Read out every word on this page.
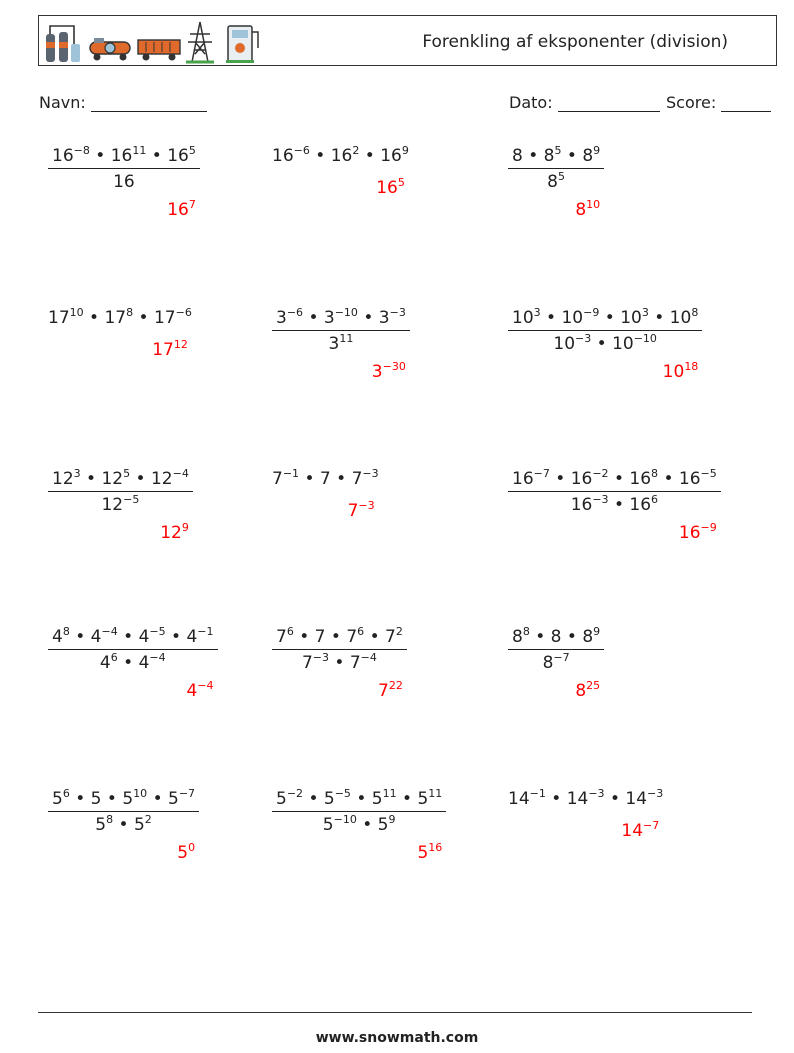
Forenkling af eksponenter (division)
Navn:	Dato:	Score:
$\frac{16^{-8} • 16^{11} • 16^5}{16}$
$16^7$
$16^{-6}$ • $16^2$ • $16^9$
$16^5$	$\frac{8 • 8^5 • 8^9}{8^5}$
$8^{10}$
$17^{10}$ • $17^8$ • $17^{-6}$
$17^{12}$	$\frac{3^{-6} • 3^{-10} • 3^{-3}}{3^{11}}$
$3^{-30}$
$\frac{10^3 • 10^{-9} • 10^3 • 10^8}{10^{-3} • 10^{-10}}$
$10^{18}$
$\frac{12^3 • 12^5 • 12^{-4}}{12^{-5}}$
$12^9$
$7^{-1}$ • 7 • $7^{-3}$
$7^{-3}$	$\frac{16^{-7} • 16^{-2} • 16^8 • 16^{-5}}{16^{-3} • 16^6}$
$16^{-9}$
$\frac{4^8 • 4^{-4} • 4^{-5} • 4^{-1}}{4^6 • 4^{-4}}$
$4^{-4}$
$\frac{7^6 • 7 • 7^6 • 7^2}{7^{-3} • 7^{-4}}$
$7^{22}$
$\frac{8^8 • 8 • 8^9}{8^{-7}}$
$8^{25}$
$\frac{5^6 • 5 • 5^{10} • 5^{-7}}{5^8 • 5^2}$
$5^0$
$\frac{5^{-2} • 5^{-5} • 5^{11} • 5^{11}}{5^{-10} • 5^9}$
$5^{16}$
$14^{-1}$ • $14^{-3}$ • $14^{-3}$
$14^{-7}$
www.snowmath.com
